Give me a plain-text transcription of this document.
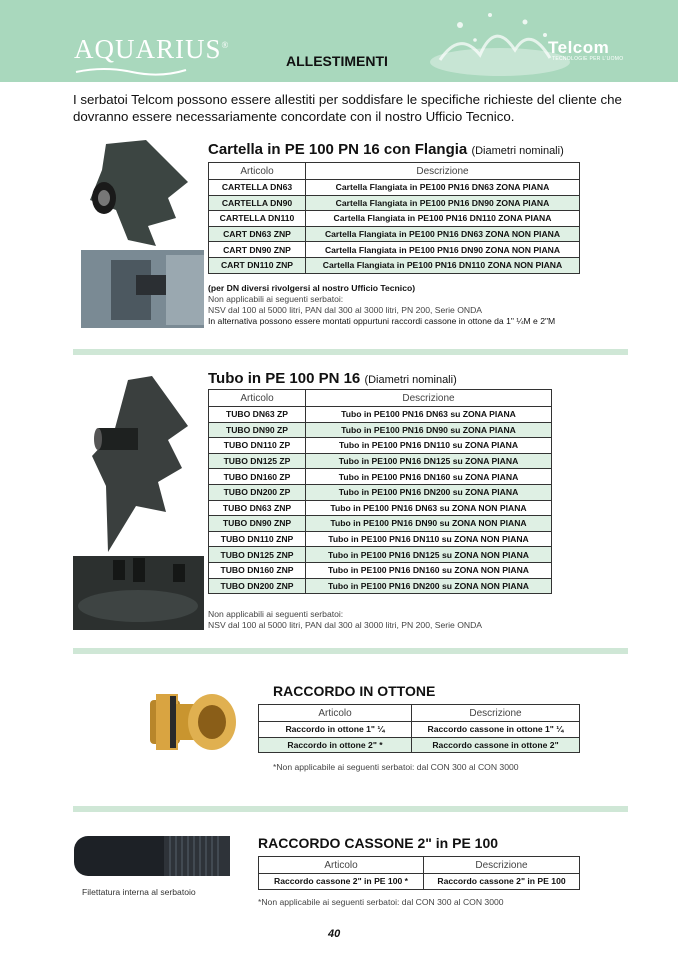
AQUARIUS®
ALLESTIMENTI
Telcom
TECNOLOGIE PER L'UOMO
I serbatoi Telcom possono essere allestiti per soddisfare le specifiche richieste del cliente che dovranno essere necessariamente concordate con il nostro Ufficio Tecnico.
Cartella in PE 100 PN 16 con Flangia (Diametri nominali)
Articolo	Descrizione
CARTELLA DN63	Cartella Flangiata in PE100 PN16 DN63 ZONA PIANA
CARTELLA DN90	Cartella Flangiata in PE100 PN16 DN90 ZONA PIANA
CARTELLA DN110	Cartella Flangiata in PE100 PN16 DN110 ZONA PIANA
CART DN63 ZNP	Cartella Flangiata in PE100 PN16 DN63 ZONA NON PIANA
CART DN90 ZNP	Cartella Flangiata in PE100 PN16 DN90 ZONA NON PIANA
CART DN110 ZNP	Cartella Flangiata in PE100 PN16 DN110 ZONA NON PIANA
(per DN diversi rivolgersi al nostro Ufficio Tecnico)
Non applicabili ai seguenti serbatoi:
NSV dal 100 al 5000 litri, PAN dal 300 al 3000 litri, PN 200, Serie ONDA
In alternativa possono essere montati oppurtuni raccordi cassone in ottone da 1" ¼M e 2"M
Tubo in PE 100 PN 16 (Diametri nominali)
Articolo	Descrizione
TUBO DN63 ZP	Tubo in PE100 PN16 DN63 su ZONA PIANA
TUBO DN90 ZP	Tubo in PE100 PN16 DN90 su ZONA PIANA
TUBO DN110 ZP	Tubo in PE100 PN16 DN110 su ZONA PIANA
TUBO DN125 ZP	Tubo in PE100 PN16 DN125 su ZONA PIANA
TUBO DN160 ZP	Tubo in PE100 PN16 DN160 su ZONA PIANA
TUBO DN200 ZP	Tubo in PE100 PN16 DN200 su ZONA PIANA
TUBO DN63 ZNP	Tubo in PE100 PN16 DN63 su ZONA NON PIANA
TUBO DN90 ZNP	Tubo in PE100 PN16 DN90 su ZONA NON PIANA
TUBO DN110 ZNP	Tubo in PE100 PN16 DN110 su ZONA NON PIANA
TUBO DN125 ZNP	Tubo in PE100 PN16 DN125 su ZONA NON PIANA
TUBO DN160 ZNP	Tubo in PE100 PN16 DN160 su ZONA NON PIANA
TUBO DN200 ZNP	Tubo in PE100 PN16 DN200 su ZONA NON PIANA
Non applicabili ai seguenti serbatoi:
NSV dal 100 al 5000 litri, PAN dal 300 al 3000 litri, PN 200, Serie ONDA
RACCORDO IN OTTONE
Articolo	Descrizione
Raccordo in ottone 1" ¼	Raccordo cassone in ottone 1" ¼
Raccordo in ottone 2" *	Raccordo cassone in ottone 2"
*Non applicabile ai seguenti serbatoi: dal CON 300 al CON 3000
Filettatura interna al serbatoio
RACCORDO CASSONE 2" in PE 100
Articolo	Descrizione
Raccordo cassone 2" in PE 100 *	Raccordo cassone 2" in PE 100
*Non applicabile ai seguenti serbatoi: dal CON 300 al CON 3000
40
